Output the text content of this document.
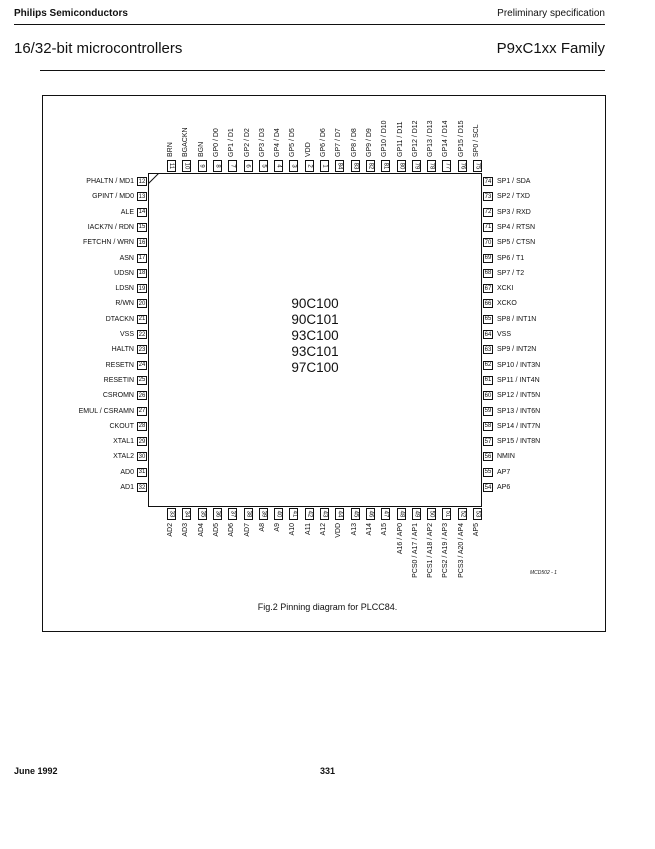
Philips Semiconductors	Preliminary specification
16/32-bit microcontrollers	P9xC1xx Family
90C100
90C101
93C100
93C101
97C100
12
PHALTN / MD1
13
GPINT / MD0
14
ALE
15
IACK7N / RDN
16
FETCHN / WRN
17
ASN
18
UDSN
19
LDSN
20
R/WN
21
DTACKN
22
VSS
23
HALTN
24
RESETN
25
RESETIN
26
CSROMN
27
EMUL / CSRAMN
28
CKOUT
29
XTAL1
30
XTAL2
31
AD0
32
AD1
74 SP1 / SDA
73 SP2 / TXD
72 SP3 / RXD
71 SP4 / RTSN
70 SP5 / CTSN
69 SP6 / T1
68 SP7 / T2
67 XCKI
66 XCKO
65 SP8 / INT1N
64 VSS
63 SP9 / INT2N
62 SP10 / INT3N
61 SP11 / INT4N
60 SP12 / INT5N
59 SP13 / INT6N
58 SP14 / INT7N
57 SP15 / INT8N
56 NMIN
55 AP7
54 AP6
11
BRN
10
BGACKN
9
BGN
8
GP0 / D0
7
GP1 / D1
6
GP2 / D2
5
GP3 / D3
4
GP4 / D4
3
GP5 / D5
2
VDD
1
GP6 / D6
84
GP7 / D7
83
GP8 / D8
82
GP9 / D9
81
GP10 / D10
80
GP11 / D11
79
GP12 / D12
78
GP13 / D13
77
GP14 / D14
76
GP15 / D15
75
SP0 / SCL
33
AD2
34
AD3
35
AD4
36
AD5
37
AD6
38
AD7
39
A8
40
A9
41
A10
42
A11
43
A12
44
VDD
45
A13
46
A14
47
A15
48
A16 / AP0
49
PCS0 / A17 / AP1
50
PCS1 / A18 / AP2
51
PCS2 / A19 / AP3
52
PCS3 / A20 / AP4
53
AP5
MCD502 - 1
Fig.2 Pinning diagram for PLCC84.
June 1992	331
